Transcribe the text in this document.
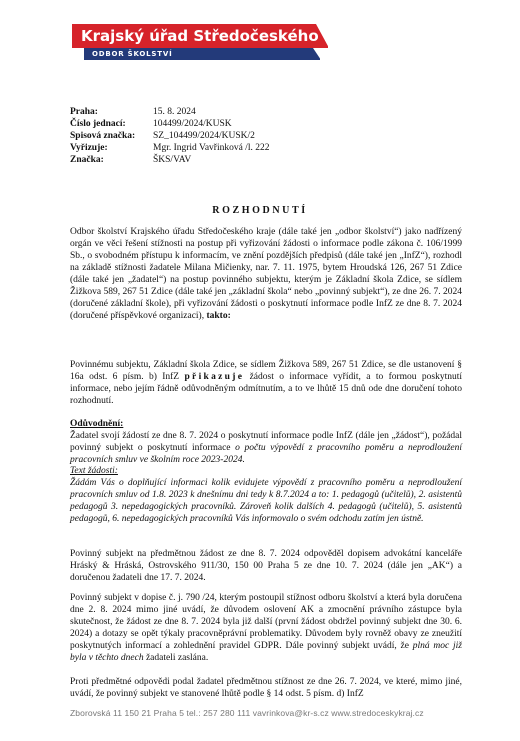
Krajský úřad Středočeského kraje
ODBOR ŠKOLSTVÍ
Praha:	15. 8. 2024
Číslo jednací:	104499/2024/KUSK
Spisová značka:	SZ_104499/2024/KUSK/2
Vyřizuje:	Mgr. Ingrid Vavřinková /l. 222
Značka:	ŠKS/VAV
ROZHODNUTÍ

Odbor školství Krajského úřadu Středočeského kraje (dále také jen „odbor školství“) jako nadřízený orgán ve věci řešení stížnosti na postup při vyřizování žádosti o informace podle zákona č. 106/1999 Sb., o svobodném přístupu k informacím, ve znění pozdějších předpisů (dále také jen „InfZ“), rozhodl na základě stížnosti žadatele Milana Mičienky, nar. 7. 11. 1975, bytem Hroudská 126, 267 51 Zdice (dále také jen „žadatel“) na postup povinného subjektu, kterým je Základní škola Zdice, se sídlem Žižkova 589, 267 51 Zdice (dále také jen „základní škola“ nebo „povinný subjekt“), ze dne 26. 7. 2024 (doručené základní škole), při vyřizování žádosti o poskytnutí informace podle InfZ ze dne 8. 7. 2024 (doručené příspěvkové organizaci), takto:

Povinnému subjektu, Základní škola Zdice, se sídlem Žižkova 589, 267 51 Zdice, se dle ustanovení § 16a odst. 6 písm. b) InfZ přikazuje žádost o informace vyřídit, a to formou poskytnutí informace, nebo jejím řádně odůvodněným odmítnutím, a to ve lhůtě 15 dnů ode dne doručení tohoto rozhodnutí.

Odůvodnění:

Žadatel svojí žádostí ze dne 8. 7. 2024 o poskytnutí informace podle InfZ (dále jen „žádost“), požádal povinný subjekt o poskytnutí informace o počtu výpovědí z pracovního poměru a neprodloužení pracovních smluv ve školním roce 2023-2024.

Text žádosti:

Žádám Vás o doplňující informaci kolik evidujete výpovědí z pracovního poměru a neprodloužení pracovních smluv od 1.8. 2023 k dnešnímu dni tedy k 8.7.2024 a to: 1. pedagogů (učitelů), 2. asistentů pedagogů 3. nepedagogických pracovníků. Zároveň kolik dalších 4. pedagogů (učitelů), 5. asistentů pedagogů, 6. nepedagogických pracovníků Vás informovalo o svém odchodu zatím jen ústně.

Povinný subjekt na předmětnou žádost ze dne 8. 7. 2024 odpověděl dopisem advokátní kanceláře Hráský & Hráská, Ostrovského 911/30, 150 00 Praha 5 ze dne 10. 7. 2024 (dále jen „AK“) a doručenou žadateli dne 17. 7. 2024.

Povinný subjekt v dopise č. j. 790 /24, kterým postoupil stížnost odboru školství a která byla doručena dne 2. 8. 2024 mimo jiné uvádí, že důvodem oslovení AK a zmocnění právního zástupce byla skutečnost, že žádost ze dne 8. 7. 2024 byla již další (první žádost obdržel povinný subjekt dne 30. 6. 2024) a dotazy se opět týkaly pracovněprávní problematiky. Důvodem byly rovněž obavy ze zneužití poskytnutých informací a zohlednění pravidel GDPR. Dále povinný subjekt uvádí, že plná moc již byla v těchto dnech žadateli zaslána.

Proti předmětné odpovědi podal žadatel předmětnou stížnost ze dne 26. 7. 2024, ve které, mimo jiné, uvádí, že povinný subjekt ve stanovené lhůtě podle § 14 odst. 5 písm. d) InfZ

Zborovská 11 150 21 Praha 5 tel.: 257 280 111 vavrinkova@kr-s.cz www.stredoceskykraj.cz
